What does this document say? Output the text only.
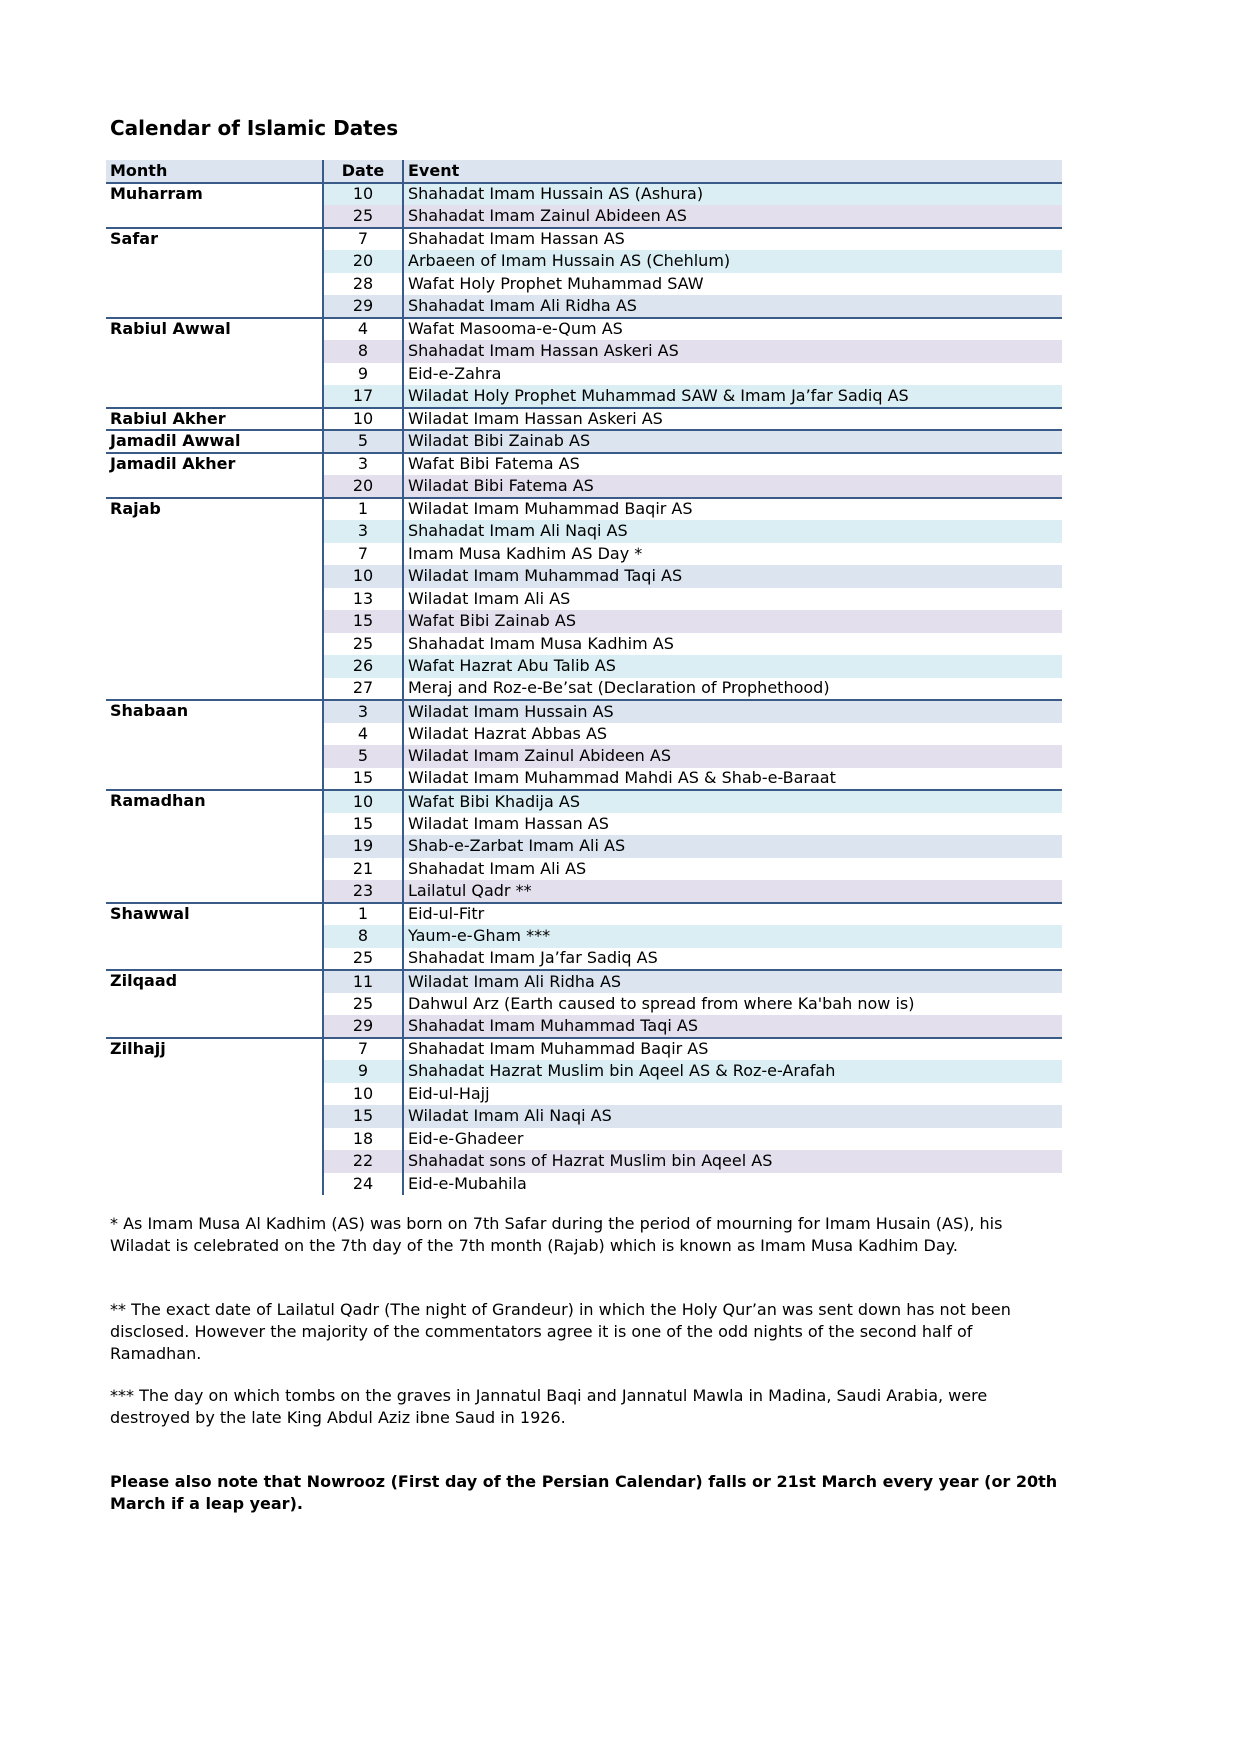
Calendar of Islamic Dates
Month	Date	Event
Muharram	10	Shahadat Imam Hussain AS (Ashura)
	25	Shahadat Imam Zainul Abideen AS
Safar	7	Shahadat Imam Hassan AS
	20	Arbaeen of Imam Hussain AS (Chehlum)
	28	Wafat Holy Prophet Muhammad SAW
	29	Shahadat Imam Ali Ridha AS
Rabiul Awwal	4	Wafat Masooma-e-Qum AS
	8	Shahadat Imam Hassan Askeri AS
	9	Eid-e-Zahra
	17	Wiladat Holy Prophet Muhammad SAW & Imam Ja’far Sadiq AS
Rabiul Akher	10	Wiladat Imam Hassan Askeri AS
Jamadil Awwal	5	Wiladat Bibi Zainab AS
Jamadil Akher	3	Wafat Bibi Fatema AS
	20	Wiladat Bibi Fatema AS
Rajab	1	Wiladat Imam Muhammad Baqir AS
	3	Shahadat Imam Ali Naqi AS
	7	Imam Musa Kadhim AS Day *
	10	Wiladat Imam Muhammad Taqi AS
	13	Wiladat Imam Ali AS
	15	Wafat Bibi Zainab AS
	25	Shahadat Imam Musa Kadhim AS
	26	Wafat Hazrat Abu Talib AS
	27	Meraj and Roz-e-Be’sat (Declaration of Prophethood)
Shabaan	3	Wiladat Imam Hussain AS
	4	Wiladat Hazrat Abbas AS
	5	Wiladat Imam Zainul Abideen AS
	15	Wiladat Imam Muhammad Mahdi AS & Shab-e-Baraat
Ramadhan	10	Wafat Bibi Khadija AS
	15	Wiladat Imam Hassan AS
	19	Shab-e-Zarbat Imam Ali AS
	21	Shahadat Imam Ali AS
	23	Lailatul Qadr **
Shawwal	1	Eid-ul-Fitr
	8	Yaum-e-Gham ***
	25	Shahadat Imam Ja’far Sadiq AS
Zilqaad	11	Wiladat Imam Ali Ridha AS
	25	Dahwul Arz (Earth caused to spread from where Ka'bah now is)
	29	Shahadat Imam Muhammad Taqi AS
Zilhajj	7	Shahadat Imam Muhammad Baqir AS
	9	Shahadat Hazrat Muslim bin Aqeel AS & Roz-e-Arafah
	10	Eid-ul-Hajj
	15	Wiladat Imam Ali Naqi AS
	18	Eid-e-Ghadeer
	22	Shahadat sons of Hazrat Muslim bin Aqeel AS
	24	Eid-e-Mubahila

* As Imam Musa Al Kadhim (AS) was born on 7th Safar during the period of mourning for Imam Husain (AS), his Wiladat is celebrated on the 7th day of the 7th month (Rajab) which is known as Imam Musa Kadhim Day.

** The exact date of Lailatul Qadr (The night of Grandeur) in which the Holy Qur’an was sent down has not been disclosed. However the majority of the commentators agree it is one of the odd nights of the second half of Ramadhan.

*** The day on which tombs on the graves in Jannatul Baqi and Jannatul Mawla in Madina, Saudi Arabia, were destroyed by the late King Abdul Aziz ibne Saud in 1926.

Please also note that Nowrooz (First day of the Persian Calendar) falls or 21st March every year (or 20th March if a leap year).
